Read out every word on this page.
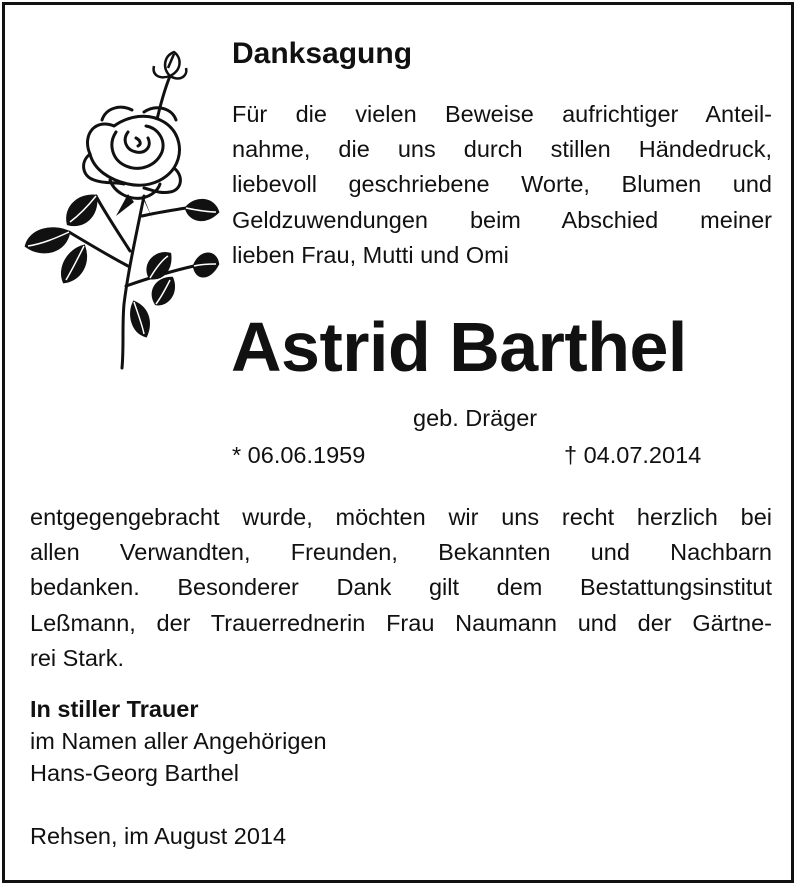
Danksagung
Für die vielen Beweise aufrichtiger Anteil-
nahme, die uns durch stillen Händedruck,
liebevoll geschriebene Worte, Blumen und
Geldzuwendungen beim Abschied meiner
lieben Frau, Mutti und Omi
Astrid Barthel
geb. Dräger
* 06.06.1959	† 04.07.2014
entgegengebracht wurde, möchten wir uns recht herzlich bei
allen Verwandten, Freunden, Bekannten und Nachbarn
bedanken. Besonderer Dank gilt dem Bestattungsinstitut
Leßmann, der Trauerrednerin Frau Naumann und der Gärtne-
rei Stark.
In stiller Trauer
im Namen aller Angehörigen
Hans-Georg Barthel
Rehsen, im August 2014
